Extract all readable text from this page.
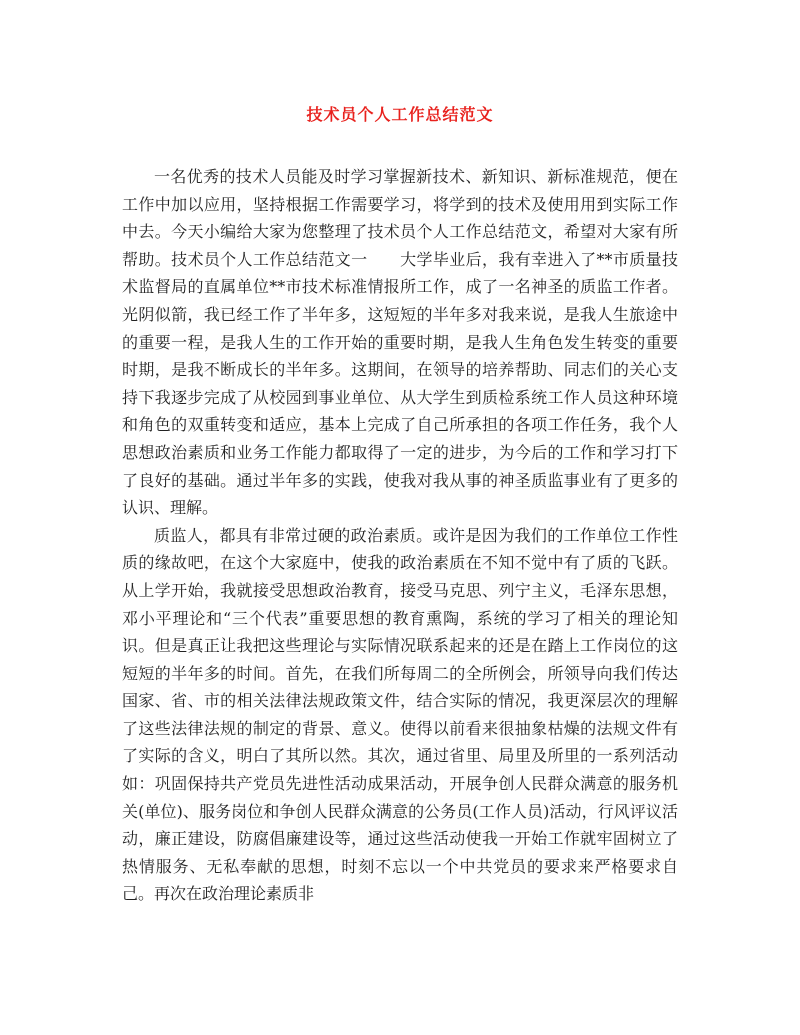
技术员个人工作总结范文

一名优秀的技术人员能及时学习掌握新技术、新知识、新标准规范，便在工作中加以应用，坚持根据工作需要学习，将学到的技术及使用用到实际工作中去。今天小编给大家为您整理了技术员个人工作总结范文，希望对大家有所帮助。技术员个人工作总结范文一　　大学毕业后，我有幸进入了**市质量技术监督局的直属单位**市技术标准情报所工作，成了一名神圣的质监工作者。光阴似箭，我已经工作了半年多，这短短的半年多对我来说，是我人生旅途中的重要一程，是我人生的工作开始的重要时期，是我人生角色发生转变的重要时期，是我不断成长的半年多。这期间，在领导的培养帮助、同志们的关心支持下我逐步完成了从校园到事业单位、从大学生到质检系统工作人员这种环境和角色的双重转变和适应，基本上完成了自己所承担的各项工作任务，我个人思想政治素质和业务工作能力都取得了一定的进步，为今后的工作和学习打下了良好的基础。通过半年多的实践，使我对我从事的神圣质监事业有了更多的认识、理解。

质监人，都具有非常过硬的政治素质。或许是因为我们的工作单位工作性质的缘故吧，在这个大家庭中，使我的政治素质在不知不觉中有了质的飞跃。从上学开始，我就接受思想政治教育，接受马克思、列宁主义，毛泽东思想，邓小平理论和“三个代表”重要思想的教育熏陶，系统的学习了相关的理论知识。但是真正让我把这些理论与实际情况联系起来的还是在踏上工作岗位的这短短的半年多的时间。首先，在我们所每周二的全所例会，所领导向我们传达国家、省、市的相关法律法规政策文件，结合实际的情况，我更深层次的理解了这些法律法规的制定的背景、意义。使得以前看来很抽象枯燥的法规文件有了实际的含义，明白了其所以然。其次，通过省里、局里及所里的一系列活动如：巩固保持共产党员先进性活动成果活动，开展争创人民群众满意的服务机关(单位)、服务岗位和争创人民群众满意的公务员(工作人员)活动，行风评议活动，廉正建设，防腐倡廉建设等，通过这些活动使我一开始工作就牢固树立了热情服务、无私奉献的思想，时刻不忘以一个中共党员的要求来严格要求自己。再次在政治理论素质非
